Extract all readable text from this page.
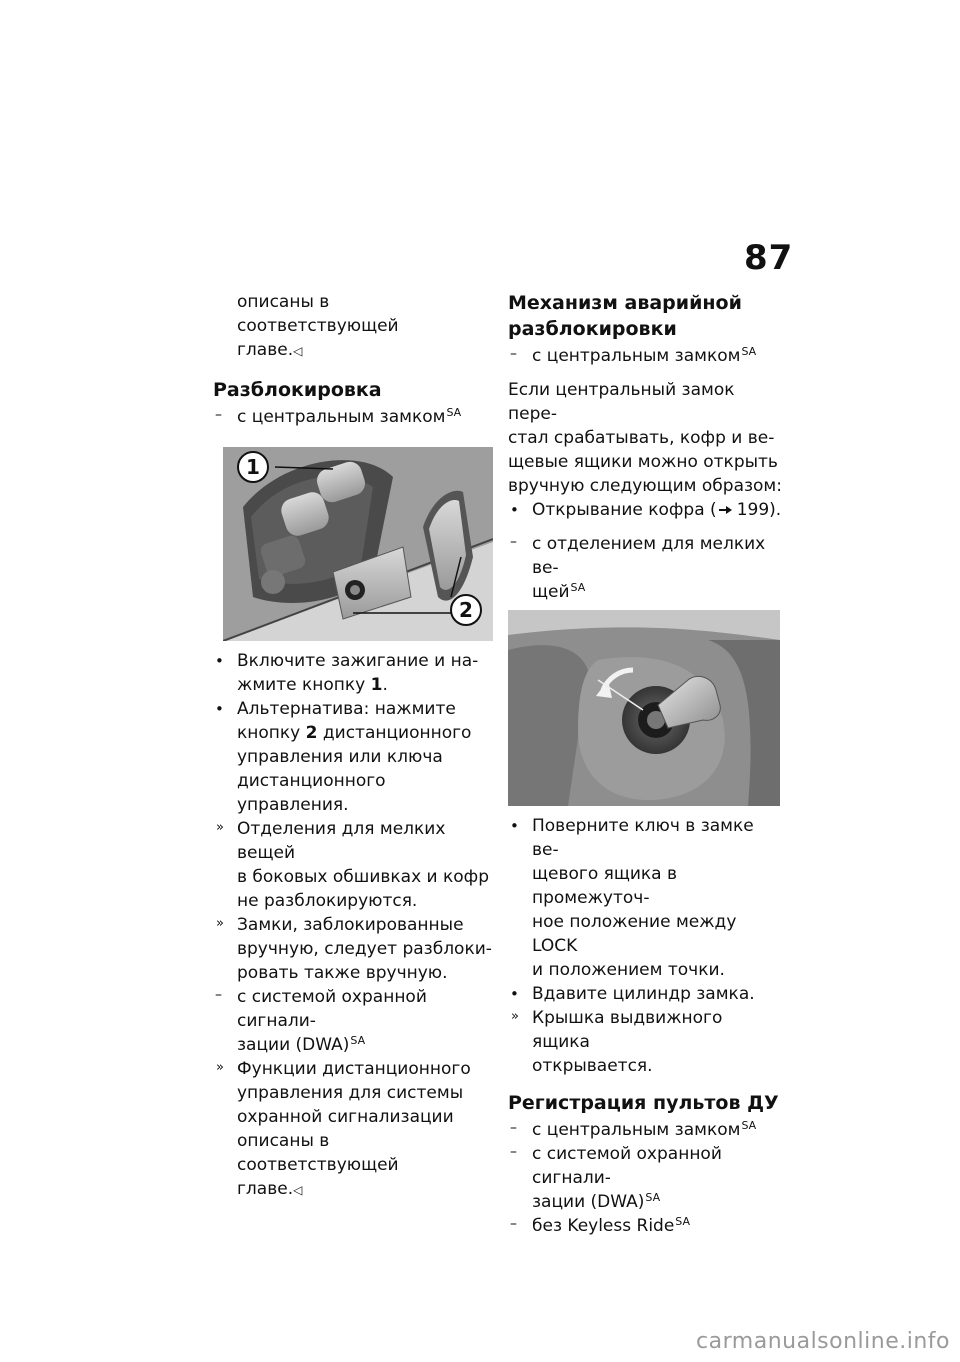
87

описаны в соответствующей
главе.◁

Разблокировка
– с центральным замком$^{SA}$
1
2
• Включите зажигание и на-
жмите кнопку 1.
• Альтернатива: нажмите
кнопку 2 дистанционного
управления или ключа
дистанционного управления.
» Отделения для мелких вещей
в боковых обшивках и кофр
не разблокируются.
» Замки, заблокированные
вручную, следует разблоки-
ровать также вручную.
– с системой охранной сигнали-
зации (DWA)$^{SA}$
» Функции дистанционного
управления для системы
охранной сигнализации
описаны в соответствующей
главе.◁
Механизм аварийной
разблокировки
– с центральным замком$^{SA}$

Если центральный замок пере-
стал срабатывать, кофр и ве-
щевые ящики можно открыть
вручную следующим образом:

• Открывание кофра ( 199).
– с отделением для мелких ве-
щей$^{SA}$
• Поверните ключ в замке ве-
щевого ящика в промежуточ-
ное положение между LOCK
и положением точки.
• Вдавите цилиндр замка.
» Крышка выдвижного ящика
открывается.
Регистрация пультов ДУ
– с центральным замком$^{SA}$
– с системой охранной сигнали-
зации (DWA)$^{SA}$
– без Keyless Ride$^{SA}$
carmanualsonline.info
